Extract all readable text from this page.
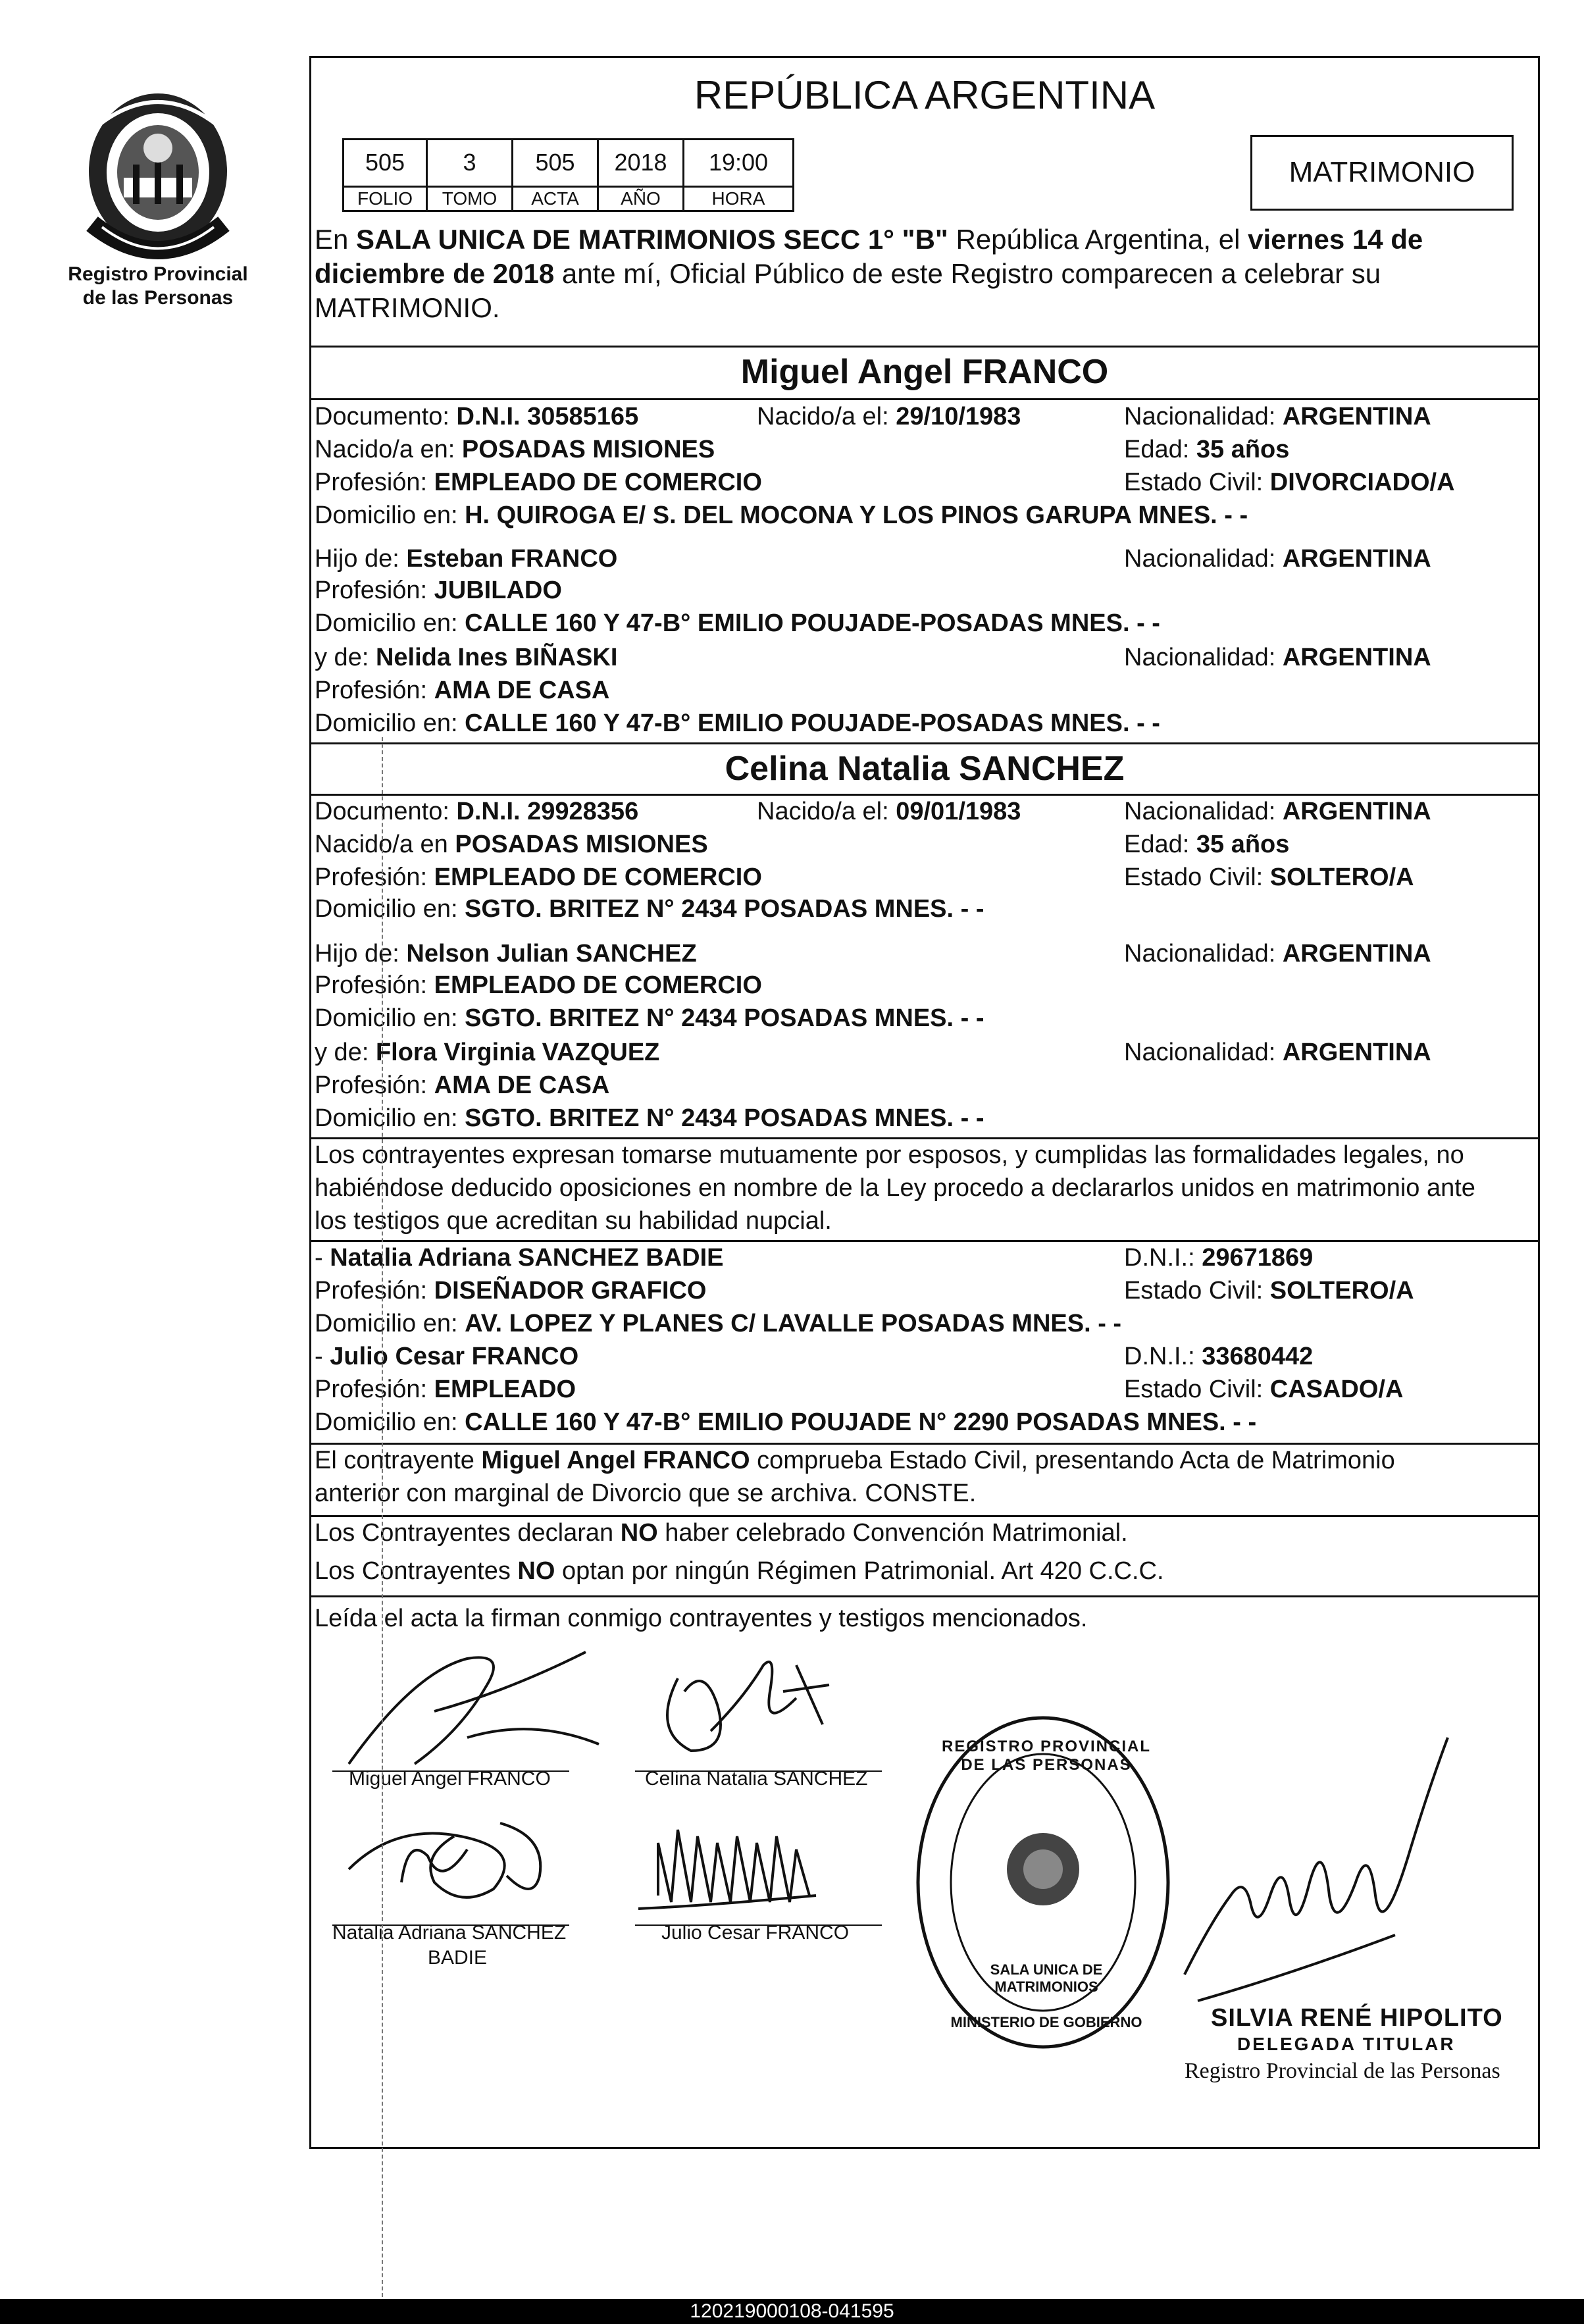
Registro Provincial
de las Personas
REPÚBLICA ARGENTINA
505	3	505	2018	19:00
FOLIO	TOMO	ACTA	AÑO	HORA
MATRIMONIO
En SALA UNICA DE MATRIMONIOS SECC 1° "B" República Argentina, el viernes 14 de
diciembre de 2018 ante mí, Oficial Público de este Registro comparecen a celebrar su
MATRIMONIO.
Miguel Angel FRANCO
Documento: D.N.I. 30585165	Nacido/a el: 29/10/1983	Nacionalidad: ARGENTINA
Nacido/a en: POSADAS MISIONES	Edad: 35 años
Profesión: EMPLEADO DE COMERCIO	Estado Civil: DIVORCIADO/A
Domicilio en: H. QUIROGA E/ S. DEL MOCONA Y LOS PINOS GARUPA MNES. - -
Hijo de: Esteban FRANCO	Nacionalidad: ARGENTINA
Profesión: JUBILADO
Domicilio en: CALLE 160 Y 47-B° EMILIO POUJADE-POSADAS MNES. - -
y de: Nelida Ines BIÑASKI	Nacionalidad: ARGENTINA
Profesión: AMA DE CASA
Domicilio en: CALLE 160 Y 47-B° EMILIO POUJADE-POSADAS MNES. - -
Celina Natalia SANCHEZ
Documento: D.N.I. 29928356	Nacido/a el: 09/01/1983	Nacionalidad: ARGENTINA
Nacido/a en POSADAS MISIONES	Edad: 35 años
Profesión: EMPLEADO DE COMERCIO	Estado Civil: SOLTERO/A
Domicilio en: SGTO. BRITEZ N° 2434 POSADAS MNES. - -
Hijo de: Nelson Julian SANCHEZ	Nacionalidad: ARGENTINA
Profesión: EMPLEADO DE COMERCIO
Domicilio en: SGTO. BRITEZ N° 2434 POSADAS MNES. - -
y de: Flora Virginia VAZQUEZ	Nacionalidad: ARGENTINA
Profesión: AMA DE CASA
Domicilio en: SGTO. BRITEZ N° 2434 POSADAS MNES. - -
Los contrayentes expresan tomarse mutuamente por esposos, y cumplidas las formalidades legales, no
habiéndose deducido oposiciones en nombre de la Ley procedo a declararlos unidos en matrimonio ante
los testigos que acreditan su habilidad nupcial.
- Natalia Adriana SANCHEZ BADIE	D.N.I.: 29671869
Profesión: DISEÑADOR GRAFICO	Estado Civil: SOLTERO/A
Domicilio en: AV. LOPEZ Y PLANES C/ LAVALLE POSADAS MNES. - -
- Julio Cesar FRANCO	D.N.I.: 33680442
Profesión: EMPLEADO	Estado Civil: CASADO/A
Domicilio en: CALLE 160 Y 47-B° EMILIO POUJADE N° 2290 POSADAS MNES. - -
El contrayente Miguel Angel FRANCO comprueba Estado Civil, presentando Acta de Matrimonio
anterior con marginal de Divorcio que se archiva. CONSTE.
Los Contrayentes declaran NO haber celebrado Convención Matrimonial.
Los Contrayentes NO optan por ningún Régimen Patrimonial. Art 420 C.C.C.
Leída el acta la firman conmigo contrayentes y testigos mencionados.
Miguel Angel FRANCO	Celina Natalia SANCHEZ
Natalia Adriana SANCHEZ
BADIE
Julio Cesar FRANCO
REGISTRO PROVINCIAL DE LAS PERSONAS
SALA UNICA DE MATRIMONIOS
MINISTERIO DE GOBIERNO	SILVIA RENÉ HIPOLITO
DELEGADA TITULAR
Registro Provincial de las Personas
120219000108-041595
